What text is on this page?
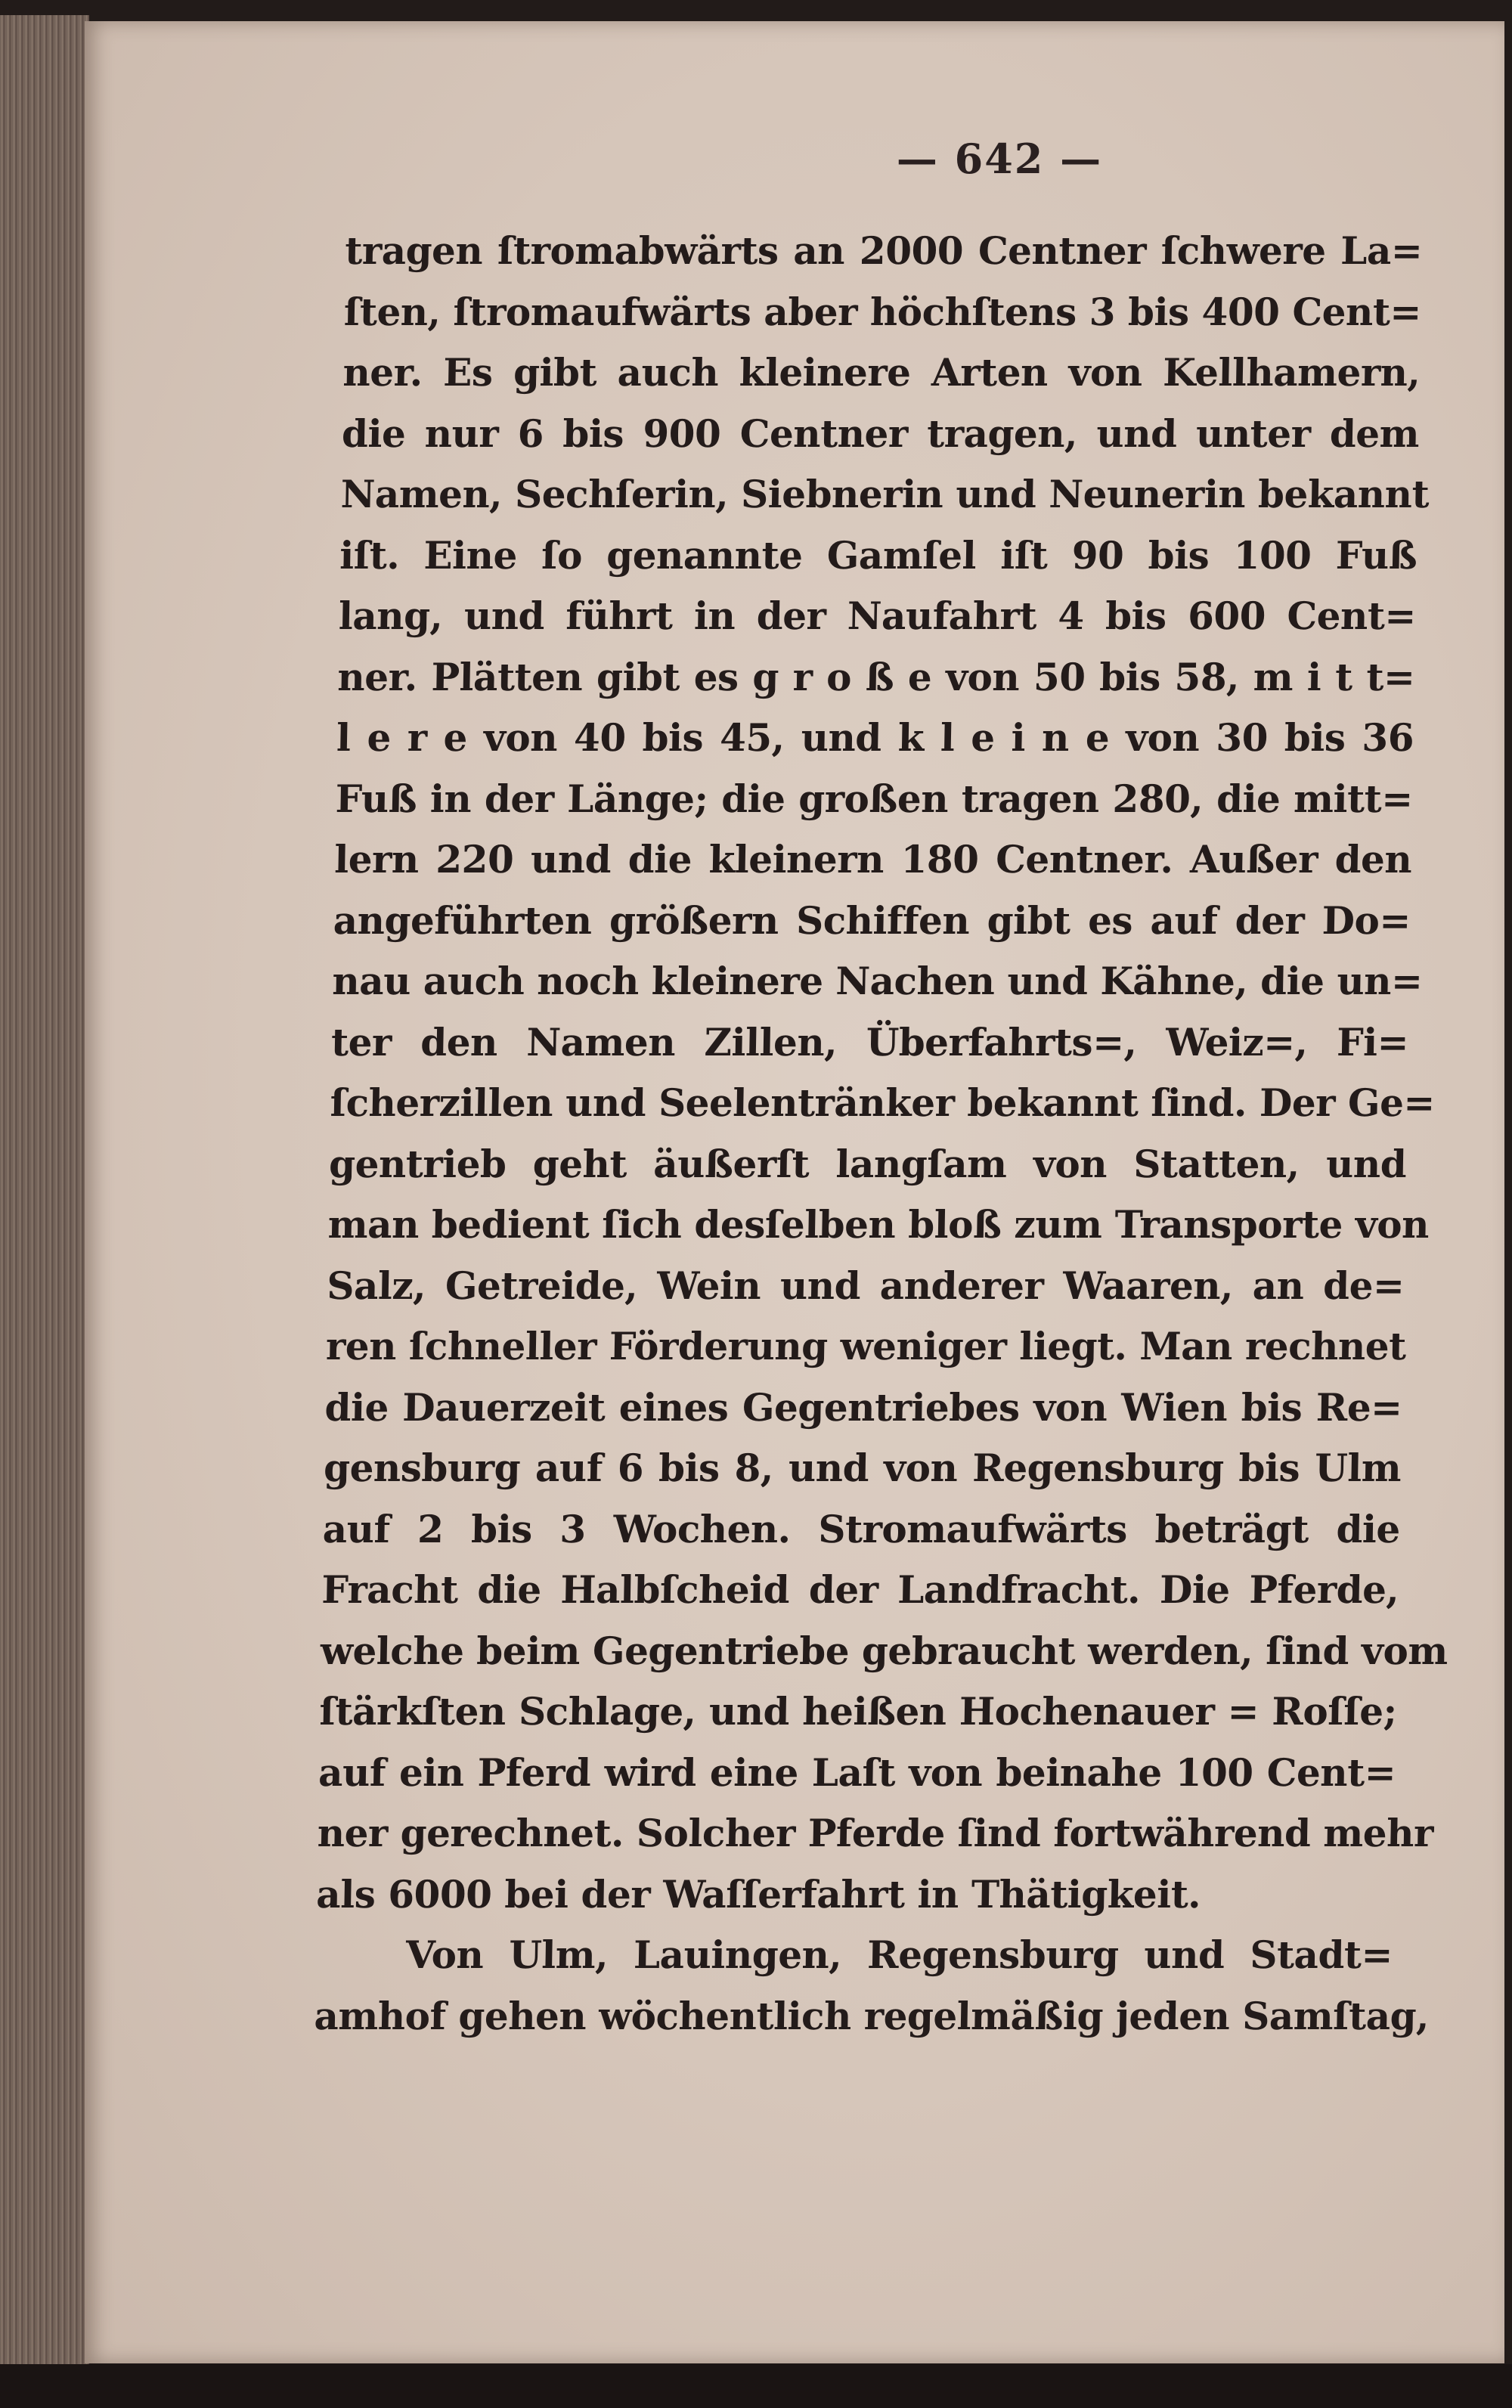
— 642 —
tragen ſtromabwärts an 2000 Centner ſchwere La=
ſten, ſtromaufwärts aber höchſtens 3 bis 400 Cent=
ner. Es gibt auch kleinere Arten von Kellhamern,
die nur 6 bis 900 Centner tragen, und unter dem
Namen, Sechſerin, Siebnerin und Neunerin bekannt
iſt. Eine ſo genannte Gamſel iſt 90 bis 100 Fuß
lang, und führt in der Naufahrt 4 bis 600 Cent=
ner. Plätten gibt es g r o ß e von 50 bis 58, m i t t=
l e r e von 40 bis 45, und k l e i n e von 30 bis 36
Fuß in der Länge; die großen tragen 280, die mitt=
lern 220 und die kleinern 180 Centner. Außer den
angeführten größern Schiffen gibt es auf der Do=
nau auch noch kleinere Nachen und Kähne, die un=
ter den Namen Zillen, Überfahrts=, Weiz=, Fi=
ſcherzillen und Seelentränker bekannt ſind. Der Ge=
gentrieb geht äußerſt langſam von Statten, und
man bedient ſich desſelben bloß zum Transporte von
Salz, Getreide, Wein und anderer Waaren, an de=
ren ſchneller Förderung weniger liegt. Man rechnet
die Dauerzeit eines Gegentriebes von Wien bis Re=
gensburg auf 6 bis 8, und von Regensburg bis Ulm
auf 2 bis 3 Wochen. Stromaufwärts beträgt die
Fracht die Halbſcheid der Landfracht. Die Pferde,
welche beim Gegentriebe gebraucht werden, ſind vom
ſtärkſten Schlage, und heißen Hochenauer = Roſſe;
auf ein Pferd wird eine Laſt von beinahe 100 Cent=
ner gerechnet. Solcher Pferde ſind fortwährend mehr
als 6000 bei der Waſſerfahrt in Thätigkeit.
Von Ulm, Lauingen, Regensburg und Stadt=
amhof gehen wöchentlich regelmäßig jeden Samſtag,
